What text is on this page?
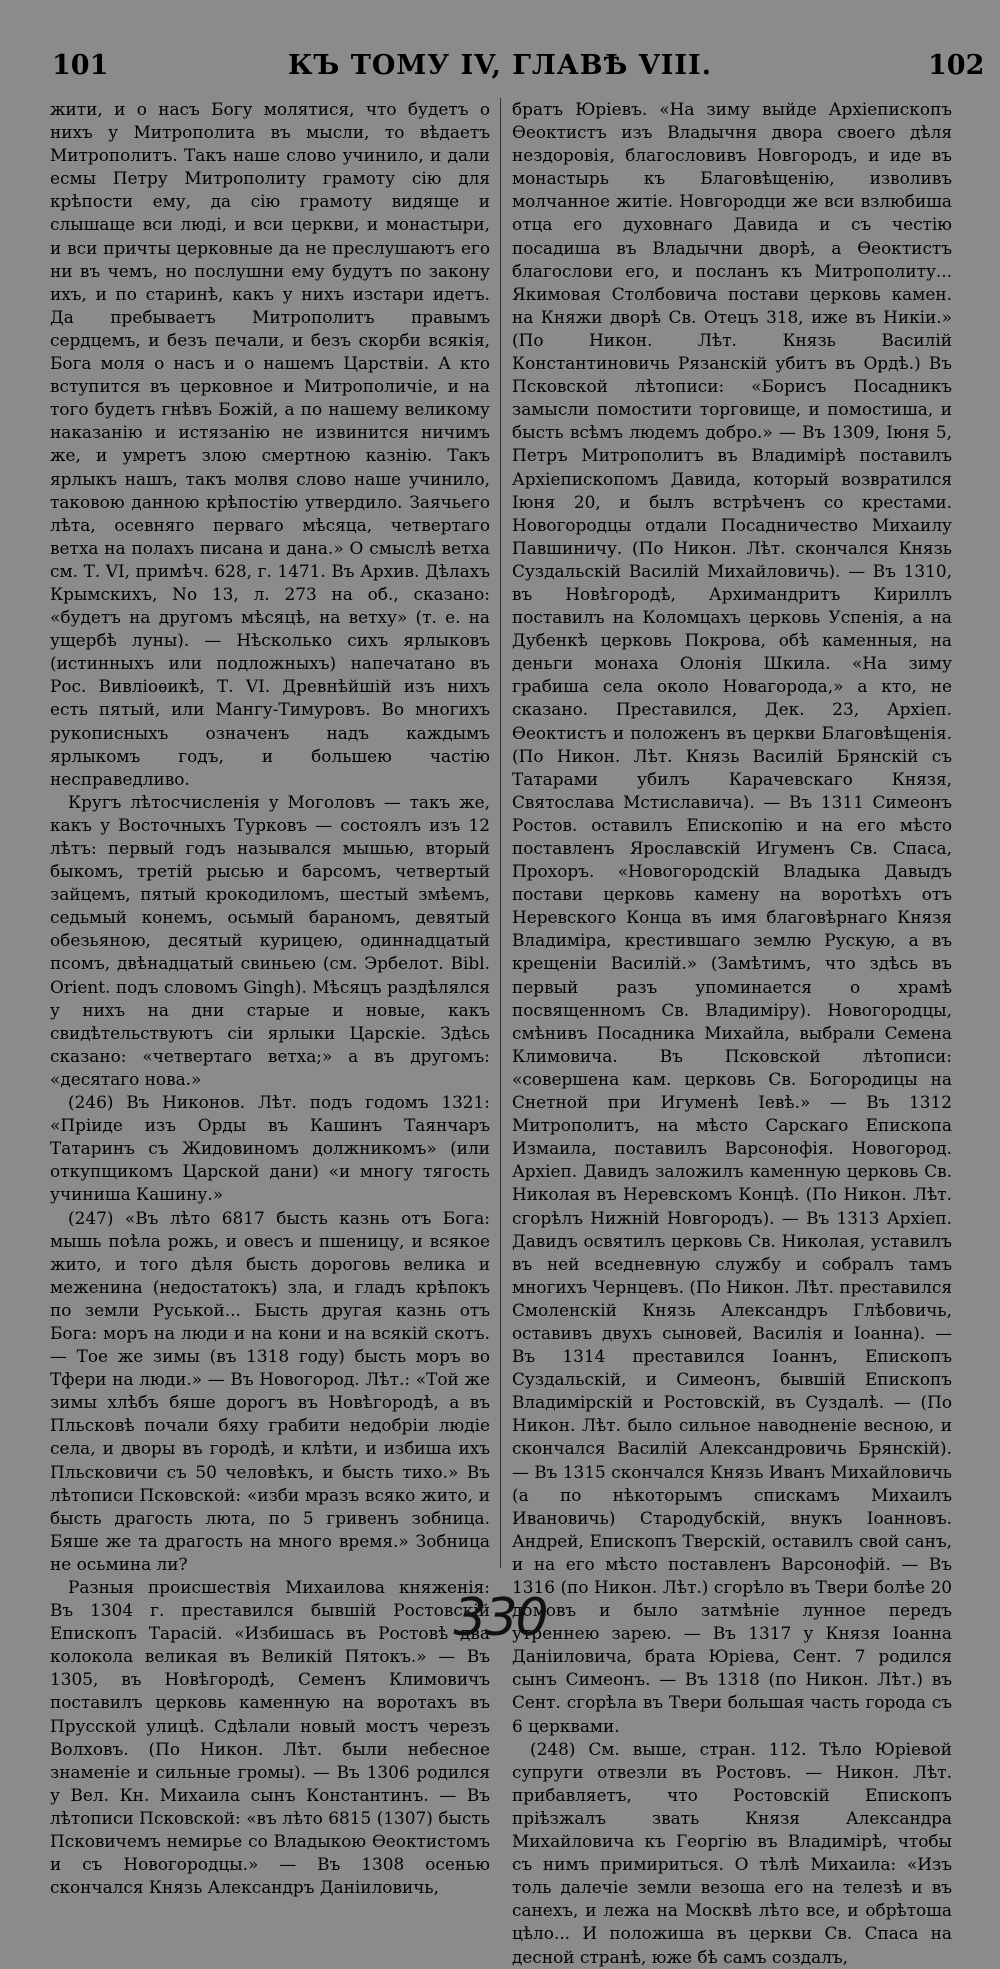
101	КЪ ТОМУ IV, ГЛАВѢ VIII.	102

жити, и о насъ Богу молятися, что будетъ о нихъ у Митрополита въ мысли, то вѣдаетъ Митрополитъ. Такъ наше слово учинило, и дали есмы Петру Митрополиту грамоту сію для крѣпости ему, да сію грамоту видяще и слышаще вси люді, и вси церкви, и монастыри, и вси причты церковные да не преслушаютъ его ни въ чемъ, но послушни ему будутъ по закону ихъ, и по старинѣ, какъ у нихъ изстари идетъ. Да пребываетъ Митрополитъ правымъ сердцемъ, и безъ печали, и безъ скорби всякія, Бога моля о насъ и о нашемъ Царствіи. А кто вступится въ церковное и Митрополичіе, и на того будетъ гнѣвъ Божій, а по нашему великому наказанію и истязанію не извинится ничимъ же, и умретъ злою смертною казнію. Такъ ярлыкъ нашъ, такъ молвя слово наше учинило, таковою данною крѣпостію утвердило. Заячьего лѣта, осевняго перваго мѣсяца, четвертаго ветха на полахъ писана и дана.» О смыслѣ ветха см. Т. VI, примѣч. 628, г. 1471. Въ Архив. Дѣлахъ Крымскихъ, No 13, л. 273 на об., сказано: «будетъ на другомъ мѣсяцѣ, на ветху» (т. е. на ущербѣ луны). — Нѣсколько сихъ ярлыковъ (истинныхъ или подложныхъ) напечатано въ Рос. Вивліоѳикѣ, Т. VI. Древнѣйшій изъ нихъ есть пятый, или Мангу-Тимуровъ. Во многихъ рукописныхъ означенъ надъ каждымъ ярлыкомъ годъ, и большею частію несправедливо.

Кругъ лѣтосчисленія у Моголовъ — такъ же, какъ у Восточныхъ Турковъ — состоялъ изъ 12 лѣтъ: первый годъ назывался мышью, вторый быкомъ, третій рысью и барсомъ, четвертый зайцемъ, пятый крокодиломъ, шестый змѣемъ, седьмый конемъ, осьмый бараномъ, девятый обезьяною, десятый курицею, одиннадцатый псомъ, двѣнадцатый свиньею (см. Эрбелот. Bibl. Orient. подъ словомъ Gingh). Мѣсяцъ раздѣлялся у нихъ на дни старые и новые, какъ свидѣтельствуютъ сіи ярлыки Царскіе. Здѣсь сказано: «четвертаго ветха;» а въ другомъ: «десятаго нова.»

(246) Въ Никонов. Лѣт. подъ годомъ 1321: «Пріиде изъ Орды въ Кашинъ Таянчаръ Татаринъ съ Жидовиномъ должникомъ» (или откупщикомъ Царской дани) «и многу тягость учиниша Кашину.»

(247) «Въ лѣто 6817 бысть казнь отъ Бога: мышь поѣла рожь, и овесъ и пшеницу, и всякое жито, и того дѣля бысть дороговь велика и меженина (недостатокъ) зла, и гладъ крѣпокъ по земли Руськой... Бысть другая казнь отъ Бога: моръ на люди и на кони и на всякій скотъ. — Тое же зимы (въ 1318 году) бысть моръ во Тфери на люди.» — Въ Новогород. Лѣт.: «Той же зимы хлѣбъ бяше дорогъ въ Новѣгородѣ, а въ Пльсковѣ почали бяху грабити недобріи людіе села, и дворы въ городѣ, и клѣти, и избиша ихъ Пльсковичи съ 50 человѣкъ, и бысть тихо.» Въ лѣтописи Псковской: «изби мразъ всяко жито, и бысть драгость люта, по 5 гривенъ зобница. Бяше же та драгость на много время.» Зобница не осьмина ли?

Разныя происшествія Михаилова княженія: Въ 1304 г. преставился бывшій Ростовскій Епископъ Тарасій. «Избишась въ Ростовѣ два колокола великая въ Великій Пятокъ.» — Въ 1305, въ Новѣгородѣ, Семенъ Климовичъ поставилъ церковь каменную на воротахъ въ Прусской улицѣ. Сдѣлали новый мостъ черезъ Волховъ. (По Никон. Лѣт. были небесное знаменіе и сильные громы). — Въ 1306 родился у Вел. Кн. Михаила сынъ Константинъ. — Въ лѣтописи Псковской: «въ лѣто 6815 (1307) бысть Псковичемъ немирье со Владыкою Ѳеоктистомъ и съ Новогородцы.» — Въ 1308 осенью скончался Князь Александръ Даніиловичь,

братъ Юріевъ. «На зиму выйде Архіепископъ Ѳеоктистъ изъ Владычня двора своего дѣля нездоровія, благословивъ Новгородъ, и иде въ монастырь къ Благовѣщенію, изволивъ молчанное житіе. Новгородци же вси взлюбиша отца его духовнаго Давида и съ честію посадиша въ Владычни дворѣ, а Ѳеоктистъ благослови его, и посланъ къ Митрополиту... Якимовая Столбовича постави церковь камен. на Княжи дворѣ Св. Отецъ 318, иже въ Никіи.» (По Никон. Лѣт. Князь Василій Константиновичь Рязанскій убитъ въ Ордѣ.) Въ Псковской лѣтописи: «Борисъ Посадникъ замысли помостити торговище, и помостиша, и бысть всѣмъ людемъ добро.» — Въ 1309, Іюня 5, Петръ Митрополитъ въ Владимірѣ поставилъ Архіепископомъ Давида, который возвратился Іюня 20, и былъ встрѣченъ со крестами. Новогородцы отдали Посадничество Михаилу Павшиничу. (По Никон. Лѣт. скончался Князь Суздальскій Василій Михайловичь). — Въ 1310, въ Новѣгородѣ, Архимандритъ Кириллъ поставилъ на Коломцахъ церковь Успенія, а на Дубенкѣ церковь Покрова, обѣ каменныя, на деньги монаха Олонія Шкила. «На зиму грабиша села около Новагорода,» а кто, не сказано. Преставился, Дек. 23, Архіеп. Ѳеоктистъ и положенъ въ церкви Благовѣщенія. (По Никон. Лѣт. Князь Василій Брянскій съ Татарами убилъ Карачевскаго Князя, Святослава Мстиславича). — Въ 1311 Симеонъ Ростов. оставилъ Епископію и на его мѣсто поставленъ Ярославскій Игуменъ Св. Спаса, Прохоръ. «Новогородскій Владыка Давыдъ постави церковь камену на воротѣхъ отъ Неревского Конца въ имя благовѣрнаго Князя Владиміра, крестившаго землю Рускую, а въ крещеніи Василій.» (Замѣтимъ, что здѣсь въ первый разъ упоминается о храмѣ посвященномъ Св. Владиміру). Новогородцы, смѣнивъ Посадника Михайла, выбрали Семена Климовича. Въ Псковской лѣтописи: «совершена кам. церковь Св. Богородицы на Снетной при Игуменѣ Іевѣ.» — Въ 1312 Митрополитъ, на мѣсто Сарскаго Епископа Измаила, поставилъ Варсонофія. Новогород. Архіеп. Давидъ заложилъ каменную церковь Св. Николая въ Неревскомъ Концѣ. (По Никон. Лѣт. сгорѣлъ Нижній Новгородъ). — Въ 1313 Архіеп. Давидъ освятилъ церковь Св. Николая, уставилъ въ ней вседневную службу и собралъ тамъ многихъ Чернцевъ. (По Никон. Лѣт. преставился Смоленскій Князь Александръ Глѣбовичь, оставивъ двухъ сыновей, Василія и Іоанна). — Въ 1314 преставился Іоаннъ, Епископъ Суздальскій, и Симеонъ, бывшій Епископъ Владимірскій и Ростовскій, въ Суздалѣ. — (По Никон. Лѣт. было сильное наводненіе весною, и скончался Василій Александровичь Брянскій). — Въ 1315 скончался Князь Иванъ Михайловичь (а по нѣкоторымъ спискамъ Михаилъ Ивановичь) Стародубскій, внукъ Іоанновъ. Андрей, Епископъ Тверскій, оставилъ свой санъ, и на его мѣсто поставленъ Варсонофій. — Въ 1316 (по Никон. Лѣт.) сгорѣло въ Твери болѣе 20 домовъ и было затмѣніе лунное передъ утреннею зарею. — Въ 1317 у Князя Іоанна Даніиловича, брата Юріева, Сент. 7 родился сынъ Симеонъ. — Въ 1318 (по Никон. Лѣт.) въ Сент. сгорѣла въ Твери большая часть города съ 6 церквами.

(248) См. выше, стран. 112. Тѣло Юріевой супруги отвезли въ Ростовъ. — Никон. Лѣт. прибавляетъ, что Ростовскій Епископъ пріѣзжалъ звать Князя Александра Михайловича къ Георгію въ Владимірѣ, чтобы съ нимъ примириться. О тѣлѣ Михаила: «Изъ толь далечіе земли везоша его на телезѣ и въ санехъ, и лежа на Москвѣ лѣто все, и обрѣтоша цѣло... И положиша въ церкви Св. Спаса на десной странѣ, юже бѣ самъ создалъ,

330
